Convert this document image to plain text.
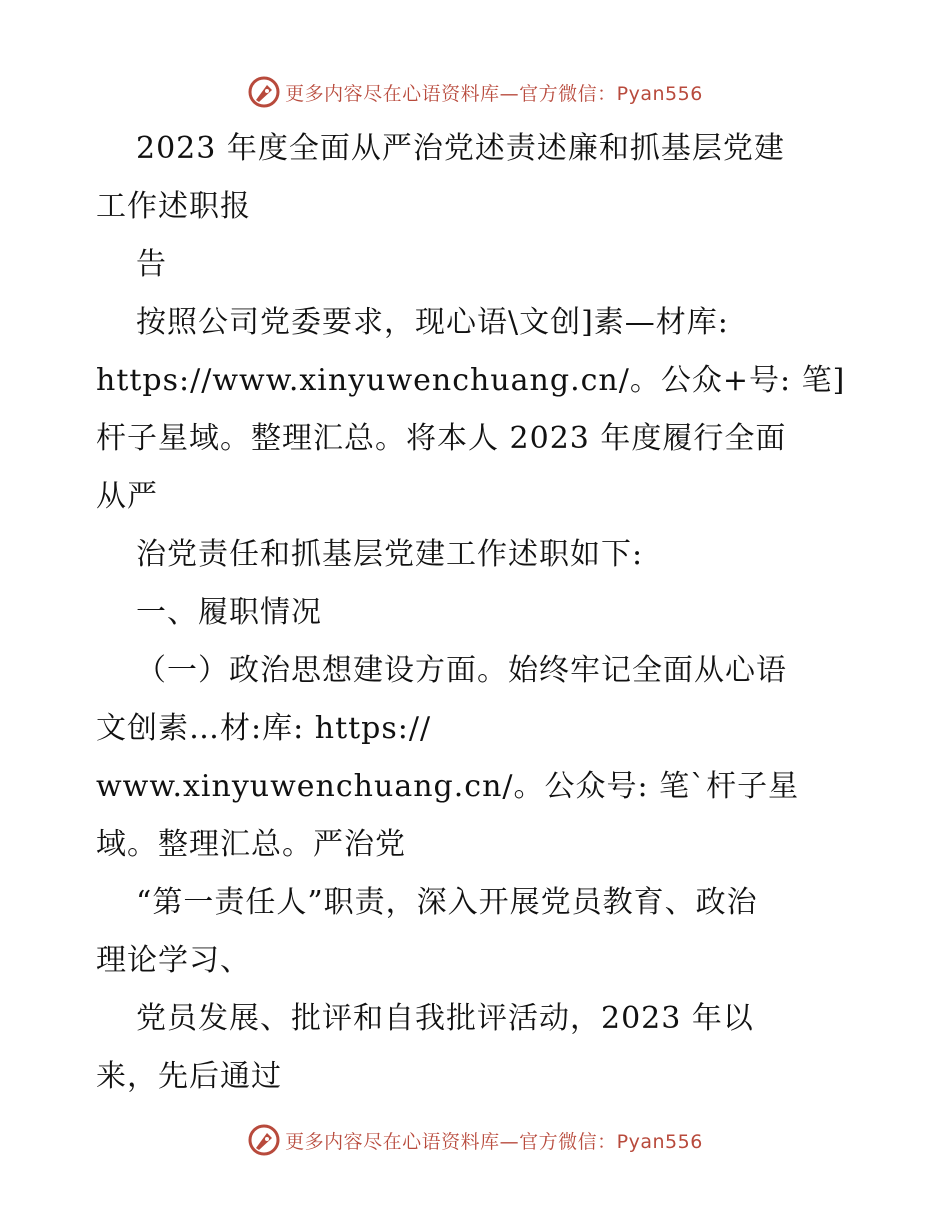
更多内容尽在心语资料库—官方微信：Pyan556
2023 年度全面从严治党述责述廉和抓基层党建
工作述职报
告
按照公司党委要求，现心语\文创]素—材库:
https://www.xinyuwenchuang.cn/。公众+号: 笔]
杆子星域。整理汇总。将本人 2023 年度履行全面
从严
治党责任和抓基层党建工作述职如下:
一、履职情况
（一）政治思想建设方面。始终牢记全面从心语
文创素…材:库: https://
www.xinyuwenchuang.cn/。公众号: 笔`杆子星
域。整理汇总。严治党
“第一责任人”职责，深入开展党员教育、政治
理论学习、
党员发展、批评和自我批评活动，2023 年以
来，先后通过
更多内容尽在心语资料库—官方微信：Pyan556
